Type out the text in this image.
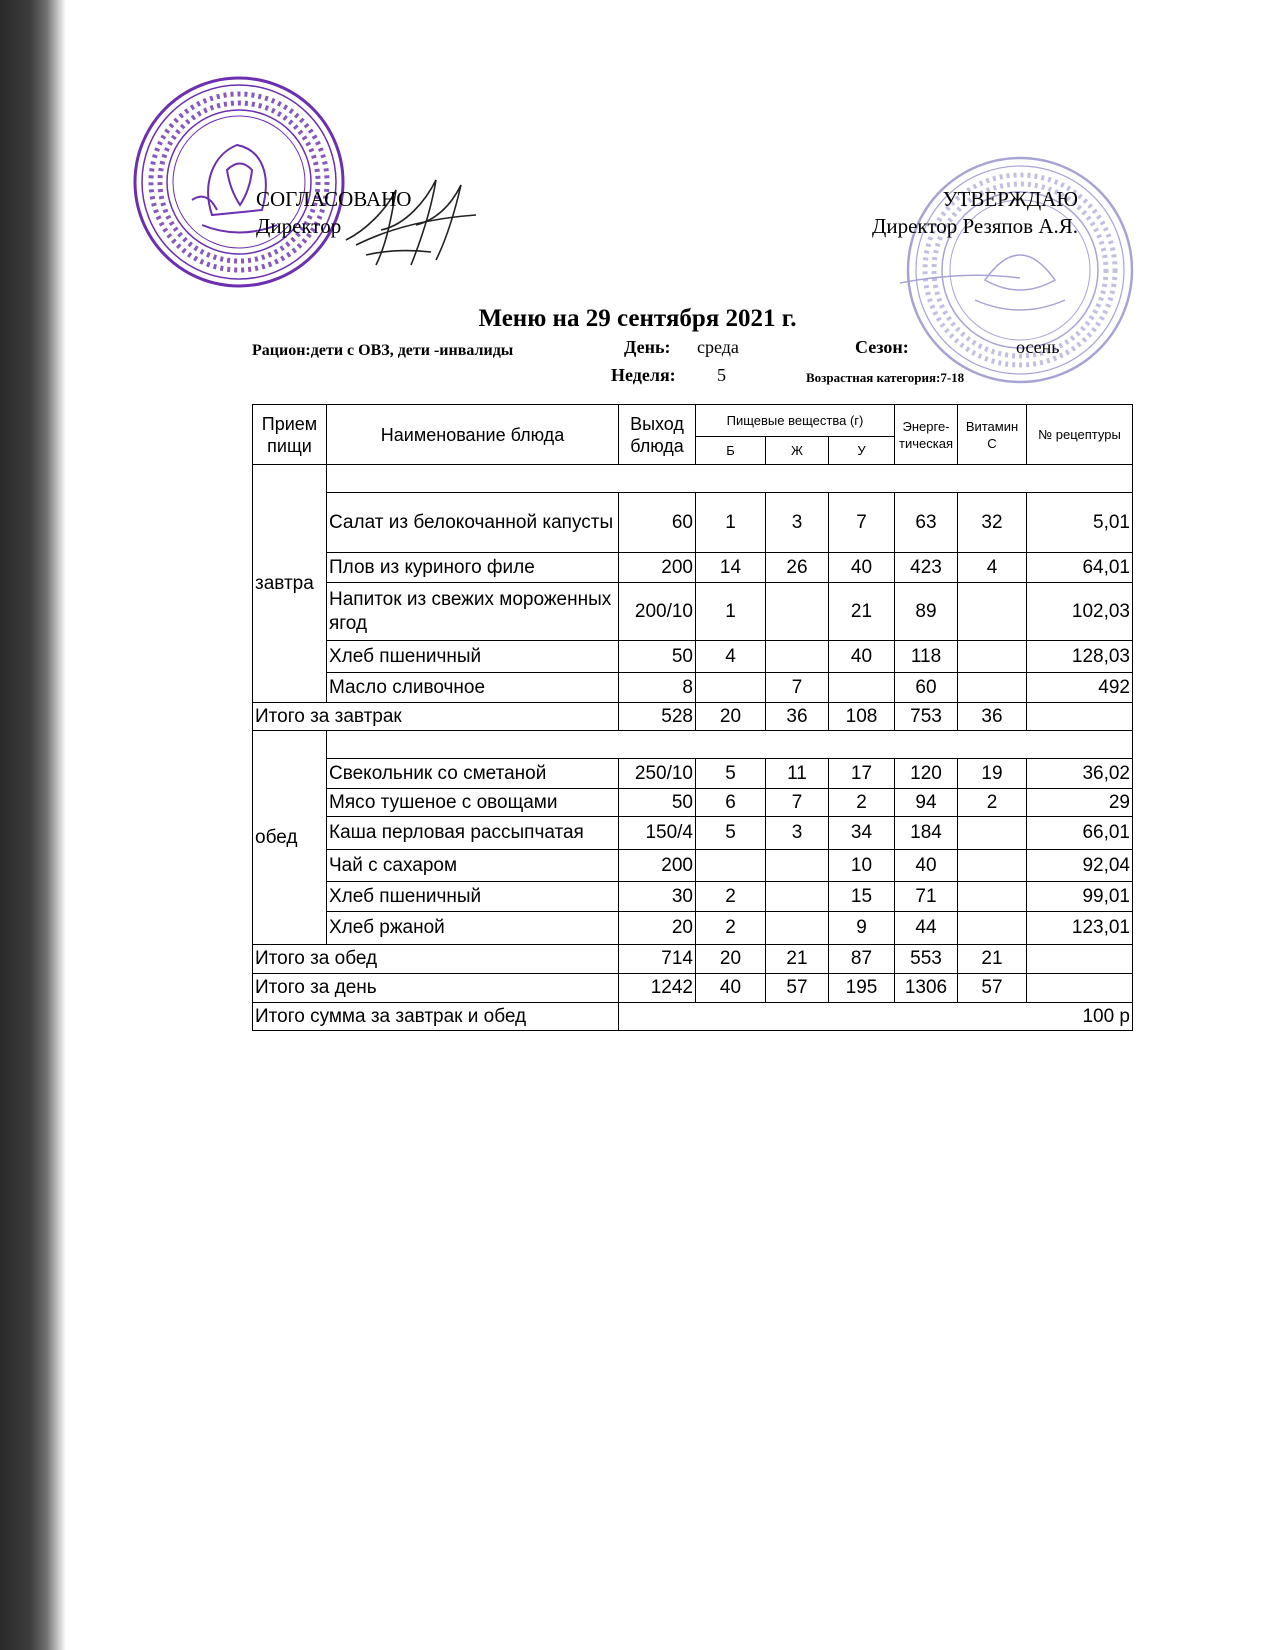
СОГЛАСОВАНО
Директор
УТВЕРЖДАЮ
Директор Резяпов А.Я.
Меню на 29 сентября 2021 г.
Рацион:дети с ОВЗ, дети -инвалиды	День: среда	Сезон:	осень
Неделя: 5	Возрастная категория:7-18
Прием пищи	Наименование блюда	Выход блюда	Пищевые вещества (г)			Энерге-тическая	Витамин С	№ рецептуры
			Б	Ж	У			
завтра								
	Салат из белокочанной капусты	60	1	3	7	63	32	5,01
	Плов из куриного филе	200	14	26	40	423	4	64,01
	Напиток из свежих мороженных ягод	200/10	1		21	89		102,03
	Хлеб пшеничный	50	4		40	118		128,03
	Масло сливочное	8		7		60		492
Итого за завтрак		528	20	36	108	753	36	
обед								
	Свекольник со сметаной	250/10	5	11	17	120	19	36,02
	Мясо тушеное с овощами	50	6	7	2	94	2	29
	Каша перловая рассыпчатая	150/4	5	3	34	184		66,01
	Чай с сахаром	200			10	40		92,04
	Хлеб пшеничный	30	2		15	71		99,01
	Хлеб ржаной	20	2		9	44		123,01
Итого за обед		714	20	21	87	553	21	
Итого за день		1242	40	57	195	1306	57	
Итого сумма за завтрак и обед		100 р						
